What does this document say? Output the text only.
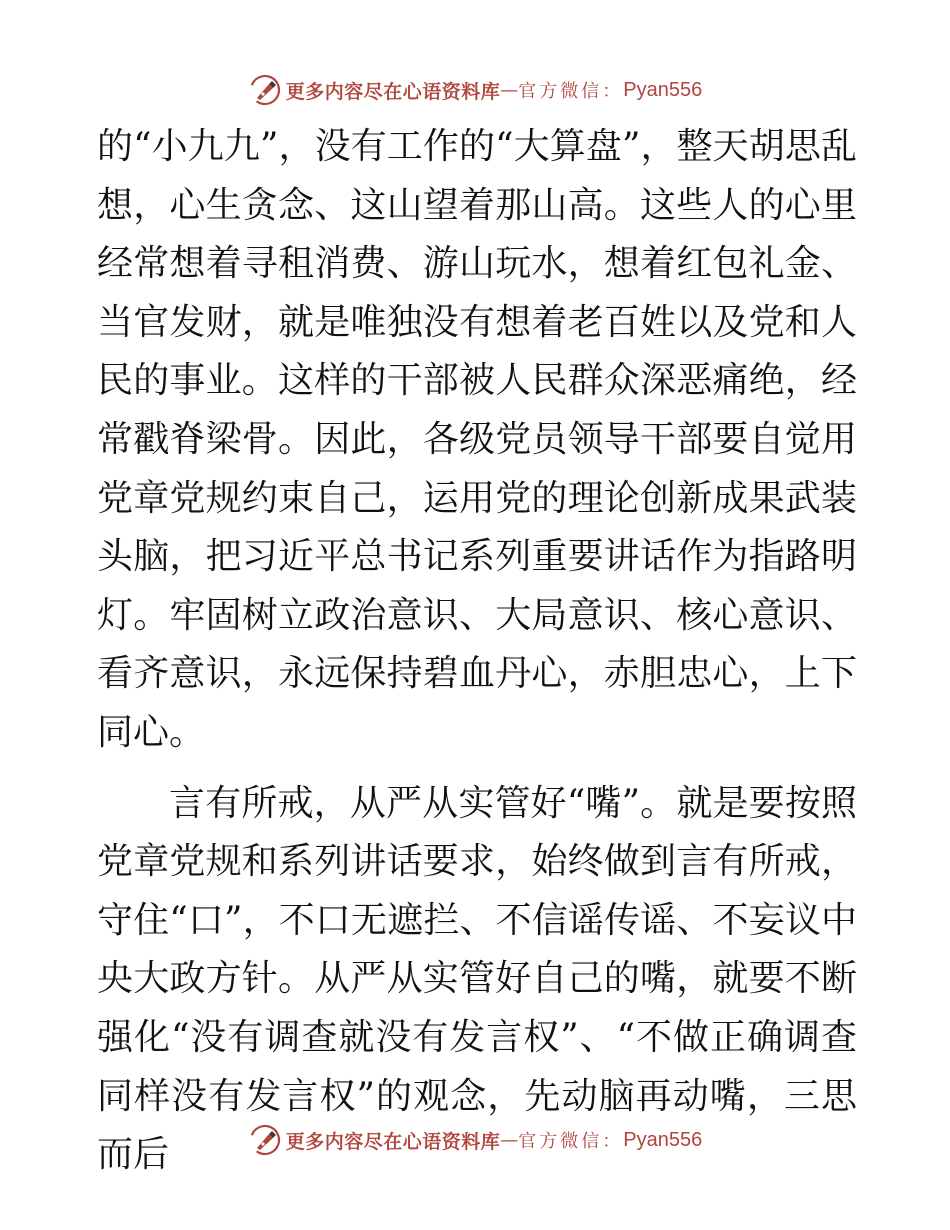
更多内容尽在心语资料库 — 官方微信： Pyan556

的“小九九”，没有工作的“大算盘”，整天胡思乱想，心生贪念、这山望着那山高。这些人的心里经常想着寻租消费、游山玩水，想着红包礼金、当官发财，就是唯独没有想着老百姓以及党和人民的事业。这样的干部被人民群众深恶痛绝，经常戳脊梁骨。因此，各级党员领导干部要自觉用党章党规约束自己，运用党的理论创新成果武装头脑，把习近平总书记系列重要讲话作为指路明灯。牢固树立政治意识、大局意识、核心意识、看齐意识，永远保持碧血丹心，赤胆忠心，上下同心。

言有所戒，从严从实管好“嘴”。就是要按照党章党规和系列讲话要求，始终做到言有所戒，守住“口”，不口无遮拦、不信谣传谣、不妄议中央大政方针。从严从实管好自己的嘴，就要不断强化“没有调查就没有发言权”、“不做正确调查同样没有发言权”的观念，先动脑再动嘴，三思而后	更多内容尽在心语资料库 — 官方微信： Pyan556
